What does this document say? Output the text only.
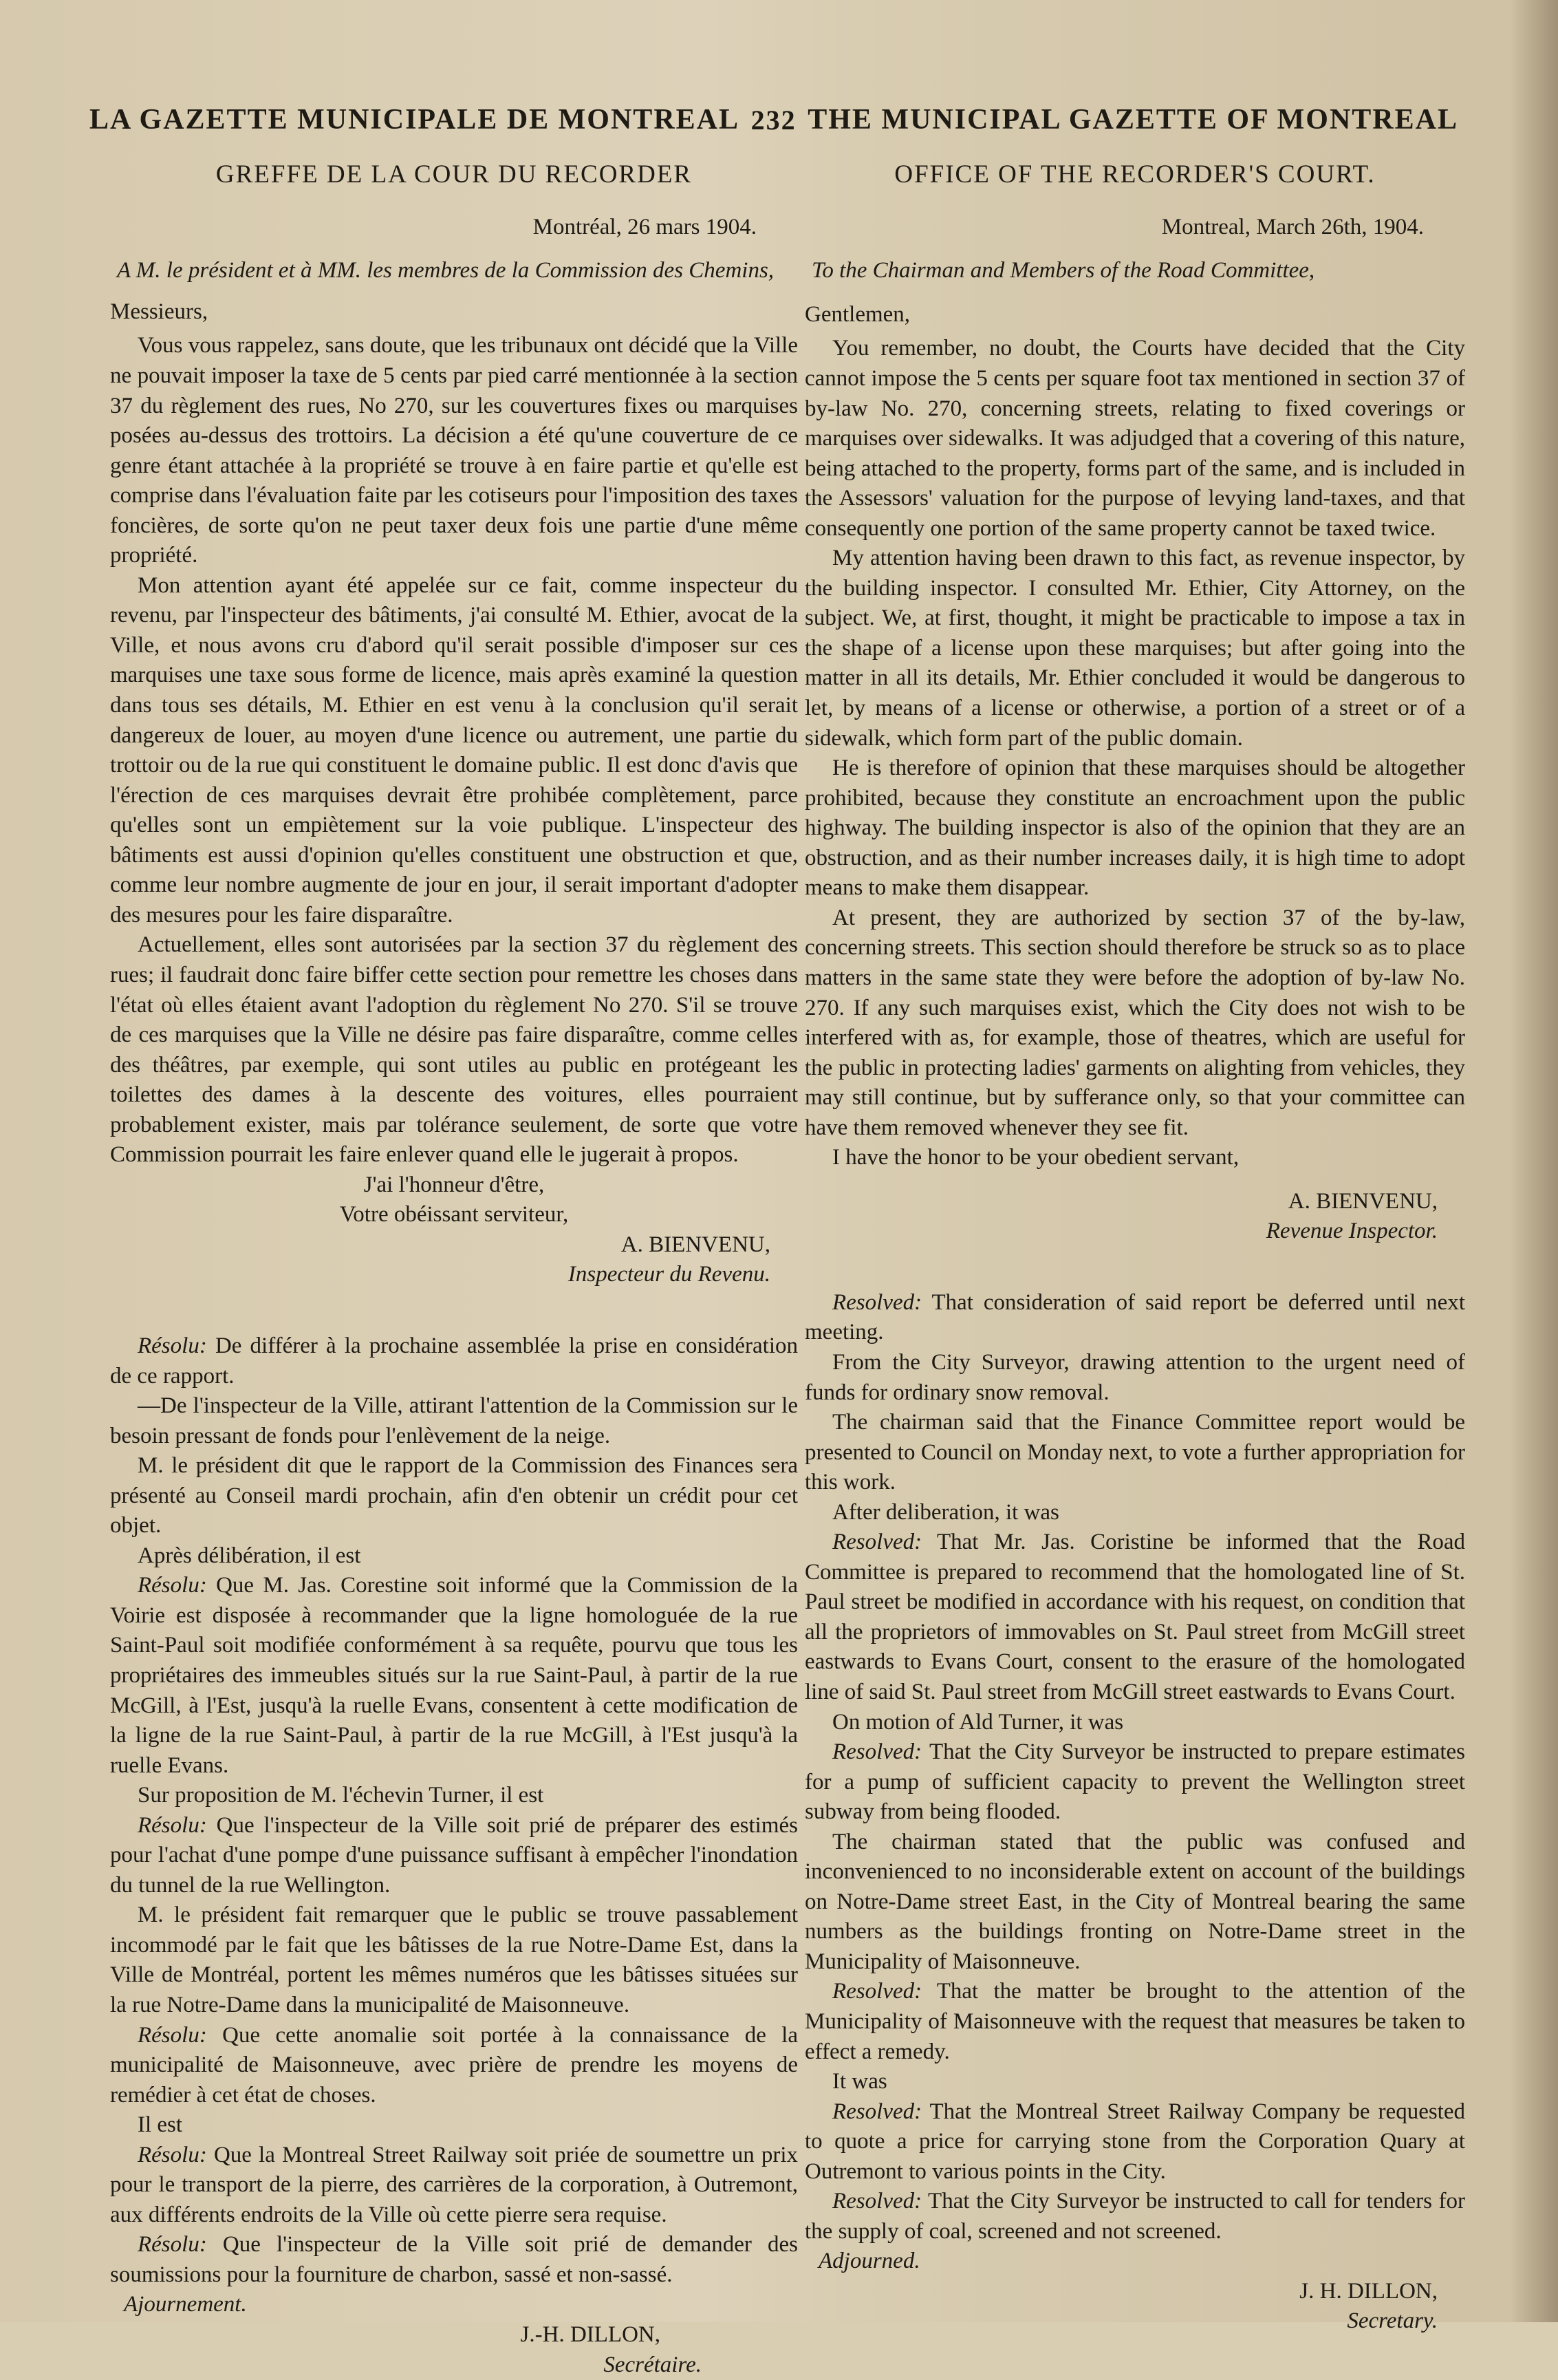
LA GAZETTE MUNICIPALE DE MONTREAL 232 THE MUNICIPAL GAZETTE OF MONTREAL
GREFFE DE LA COUR DU RECORDER
Montréal, 26 mars 1904.
A M. le président et à MM. les membres de la Commission des Chemins,
Messieurs,

Vous vous rappelez, sans doute, que les tribunaux ont décidé que la Ville ne pouvait imposer la taxe de 5 cents par pied carré mentionnée à la section 37 du règlement des rues, No 270, sur les couvertures fixes ou marquises posées au-dessus des trottoirs. La décision a été qu'une couverture de ce genre étant attachée à la propriété se trouve à en faire partie et qu'elle est comprise dans l'évaluation faite par les cotiseurs pour l'imposition des taxes foncières, de sorte qu'on ne peut taxer deux fois une partie d'une même propriété.

Mon attention ayant été appelée sur ce fait, comme inspecteur du revenu, par l'inspecteur des bâtiments, j'ai consulté M. Ethier, avocat de la Ville, et nous avons cru d'abord qu'il serait possible d'imposer sur ces marquises une taxe sous forme de licence, mais après examiné la question dans tous ses détails, M. Ethier en est venu à la conclusion qu'il serait dangereux de louer, au moyen d'une licence ou autrement, une partie du trottoir ou de la rue qui constituent le domaine public. Il est donc d'avis que l'érection de ces marquises devrait être prohibée complètement, parce qu'elles sont un empiètement sur la voie publique. L'inspecteur des bâtiments est aussi d'opinion qu'elles constituent une obstruction et que, comme leur nombre augmente de jour en jour, il serait important d'adopter des mesures pour les faire disparaître.

Actuellement, elles sont autorisées par la section 37 du règlement des rues; il faudrait donc faire biffer cette section pour remettre les choses dans l'état où elles étaient avant l'adoption du règlement No 270. S'il se trouve de ces marquises que la Ville ne désire pas faire disparaître, comme celles des théâtres, par exemple, qui sont utiles au public en protégeant les toilettes des dames à la descente des voitures, elles pourraient probablement exister, mais par tolérance seulement, de sorte que votre Commission pourrait les faire enlever quand elle le jugerait à propos.

J'ai l'honneur d'être,

Votre obéissant serviteur,

A. BIENVENU,

Inspecteur du Revenu.

Résolu: De différer à la prochaine assemblée la prise en considération de ce rapport.

—De l'inspecteur de la Ville, attirant l'attention de la Commission sur le besoin pressant de fonds pour l'enlèvement de la neige.

M. le président dit que le rapport de la Commission des Finances sera présenté au Conseil mardi prochain, afin d'en obtenir un crédit pour cet objet.

Après délibération, il est

Résolu: Que M. Jas. Corestine soit informé que la Commission de la Voirie est disposée à recommander que la ligne homologuée de la rue Saint-Paul soit modifiée conformément à sa requête, pourvu que tous les propriétaires des immeubles situés sur la rue Saint-Paul, à partir de la rue McGill, à l'Est, jusqu'à la ruelle Evans, consentent à cette modification de la ligne de la rue Saint-Paul, à partir de la rue McGill, à l'Est jusqu'à la ruelle Evans.

Sur proposition de M. l'échevin Turner, il est

Résolu: Que l'inspecteur de la Ville soit prié de préparer des estimés pour l'achat d'une pompe d'une puissance suffisant à empêcher l'inondation du tunnel de la rue Wellington.

M. le président fait remarquer que le public se trouve passablement incommodé par le fait que les bâtisses de la rue Notre-Dame Est, dans la Ville de Montréal, portent les mêmes numéros que les bâtisses situées sur la rue Notre-Dame dans la municipalité de Maisonneuve.

Résolu: Que cette anomalie soit portée à la connaissance de la municipalité de Maisonneuve, avec prière de prendre les moyens de remédier à cet état de choses.

Il est

Résolu: Que la Montreal Street Railway soit priée de soumettre un prix pour le transport de la pierre, des carrières de la corporation, à Outremont, aux différents endroits de la Ville où cette pierre sera requise.

Résolu: Que l'inspecteur de la Ville soit prié de demander des soumissions pour la fourniture de charbon, sassé et non-sassé.

Ajournement.

J.-H. DILLON,

Secrétaire.

OFFICE OF THE RECORDER'S COURT.
Montreal, March 26th, 1904.
To the Chairman and Members of the Road Committee,
Gentlemen,

You remember, no doubt, the Courts have decided that the City cannot impose the 5 cents per square foot tax mentioned in section 37 of by-law No. 270, concerning streets, relating to fixed coverings or marquises over sidewalks. It was adjudged that a covering of this nature, being attached to the property, forms part of the same, and is included in the Assessors' valuation for the purpose of levying land-taxes, and that consequently one portion of the same property cannot be taxed twice.

My attention having been drawn to this fact, as revenue inspector, by the building inspector. I consulted Mr. Ethier, City Attorney, on the subject. We, at first, thought, it might be practicable to impose a tax in the shape of a license upon these marquises; but after going into the matter in all its details, Mr. Ethier concluded it would be dangerous to let, by means of a license or otherwise, a portion of a street or of a sidewalk, which form part of the public domain.

He is therefore of opinion that these marquises should be altogether prohibited, because they constitute an encroachment upon the public highway. The building inspector is also of the opinion that they are an obstruction, and as their number increases daily, it is high time to adopt means to make them disappear.

At present, they are authorized by section 37 of the by-law, concerning streets. This section should therefore be struck so as to place matters in the same state they were before the adoption of by-law No. 270. If any such marquises exist, which the City does not wish to be interfered with as, for example, those of theatres, which are useful for the public in protecting ladies' garments on alighting from vehicles, they may still continue, but by sufferance only, so that your committee can have them removed whenever they see fit.

I have the honor to be your obedient servant,

A. BIENVENU,

Revenue Inspector.

Resolved: That consideration of said report be deferred until next meeting.

From the City Surveyor, drawing attention to the urgent need of funds for ordinary snow removal.

The chairman said that the Finance Committee report would be presented to Council on Monday next, to vote a further appropriation for this work.

After deliberation, it was

Resolved: That Mr. Jas. Coristine be informed that the Road Committee is prepared to recommend that the homologated line of St. Paul street be modified in accordance with his request, on condition that all the proprietors of immovables on St. Paul street from McGill street eastwards to Evans Court, consent to the erasure of the homologated line of said St. Paul street from McGill street eastwards to Evans Court.

On motion of Ald Turner, it was

Resolved: That the City Surveyor be instructed to prepare estimates for a pump of sufficient capacity to prevent the Wellington street subway from being flooded.

The chairman stated that the public was confused and inconvenienced to no inconsiderable extent on account of the buildings on Notre-Dame street East, in the City of Montreal bearing the same numbers as the buildings fronting on Notre-Dame street in the Municipality of Maisonneuve.

Resolved: That the matter be brought to the attention of the Municipality of Maisonneuve with the request that measures be taken to effect a remedy.

It was

Resolved: That the Montreal Street Railway Company be requested to quote a price for carrying stone from the Corporation Quary at Outremont to various points in the City.

Resolved: That the City Surveyor be instructed to call for tenders for the supply of coal, screened and not screened.

Adjourned.

J. H. DILLON,

Secretary.
